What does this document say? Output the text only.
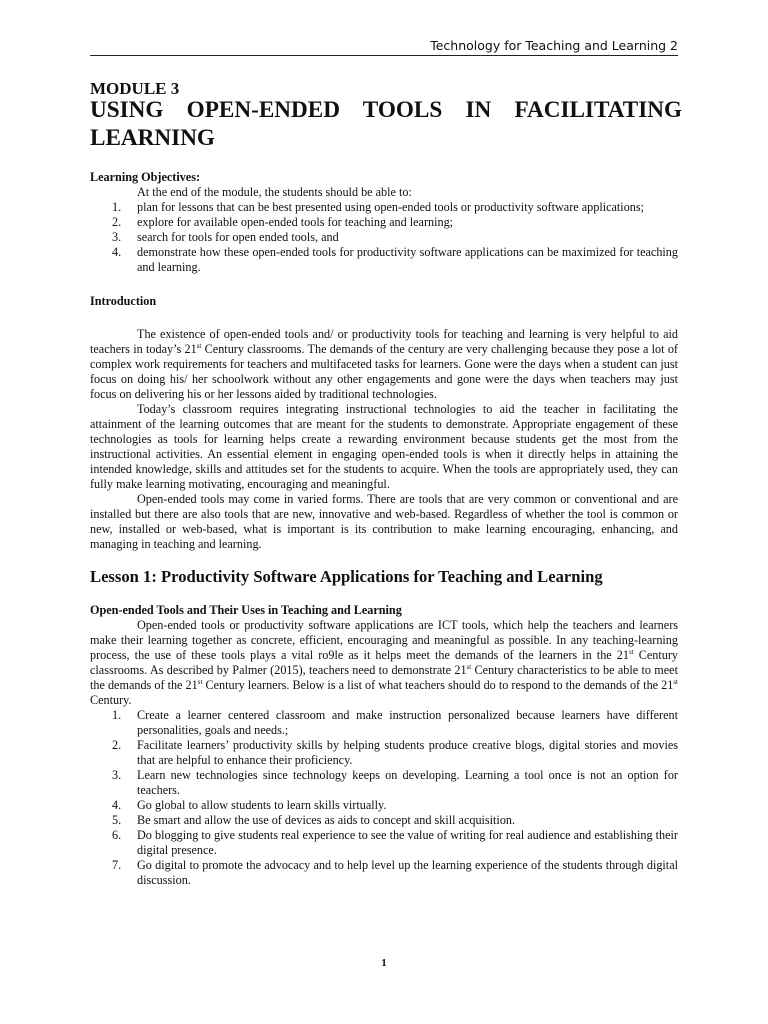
Technology for Teaching and Learning 2
MODULE 3
USING OPEN-ENDED TOOLS IN FACILITATING LEARNING

Learning Objectives:

At the end of the module, the students should be able to:

1. plan for lessons that can be best presented using open-ended tools or productivity software applications;
2. explore for available open-ended tools for teaching and learning;
3. search for tools for open ended tools, and
4. demonstrate how these open-ended tools for productivity software applications can be maximized for teaching and learning.

Introduction

The existence of open-ended tools and/ or productivity tools for teaching and learning is very helpful to aid teachers in today’s 21st Century classrooms. The demands of the century are very challenging because they pose a lot of complex work requirements for teachers and multifaceted tasks for learners. Gone were the days when a student can just focus on doing his/ her schoolwork without any other engagements and gone were the days when teachers may just focus on delivering his or her lessons aided by traditional technologies.

Today’s classroom requires integrating instructional technologies to aid the teacher in facilitating the attainment of the learning outcomes that are meant for the students to demonstrate. Appropriate engagement of these technologies as tools for learning helps create a rewarding environment because students get the most from the instructional activities. An essential element in engaging open-ended tools is when it directly helps in attaining the intended knowledge, skills and attitudes set for the students to acquire. When the tools are appropriately used, they can fully make learning motivating, encouraging and meaningful.

Open-ended tools may come in varied forms. There are tools that are very common or conventional and are installed but there are also tools that are new, innovative and web-based. Regardless of whether the tool is common or new, installed or web-based, what is important is its contribution to make learning encouraging, enhancing, and managing in teaching and learning.

Lesson 1: Productivity Software Applications for Teaching and Learning

Open-ended Tools and Their Uses in Teaching and Learning

Open-ended tools or productivity software applications are ICT tools, which help the teachers and learners make their learning together as concrete, efficient, encouraging and meaningful as possible. In any teaching-learning process, the use of these tools plays a vital ro9le as it helps meet the demands of the learners in the 21st Century classrooms. As described by Palmer (2015), teachers need to demonstrate 21st Century characteristics to be able to meet the demands of the 21st Century learners. Below is a list of what teachers should do to respond to the demands of the 21st Century.

1. Create a learner centered classroom and make instruction personalized because learners have different personalities, goals and needs.;
2. Facilitate learners’ productivity skills by helping students produce creative blogs, digital stories and movies that are helpful to enhance their proficiency.
3. Learn new technologies since technology keeps on developing. Learning a tool once is not an option for teachers.
4. Go global to allow students to learn skills virtually.
5. Be smart and allow the use of devices as aids to concept and skill acquisition.
6. Do blogging to give students real experience to see the value of writing for real audience and establishing their digital presence.
7. Go digital to promote the advocacy and to help level up the learning experience of the students through digital discussion.
1
